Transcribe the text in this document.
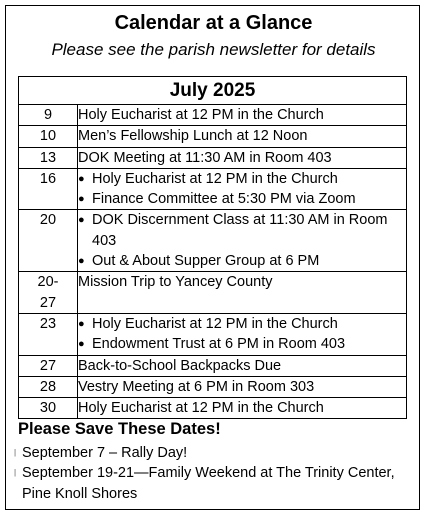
Calendar at a Glance
Please see the parish newsletter for details
July 2025	
9	Holy Eucharist at 12 PM in the Church

10	Men’s Fellowship Lunch at 12 Noon

13	DOK Meeting at 11:30 AM in Room 403

16	● Holy Eucharist at 12 PM in the Church
● Finance Committee at 5:30 PM via Zoom

20	● DOK Discernment Class at 11:30 AM in Room 403
● Out & About Supper Group at 6 PM

20-
27	Mission Trip to Yancey County

23	● Holy Eucharist at 12 PM in the Church
● Endowment Trust at 6 PM in Room 403

27	Back-to-School Backpacks Due

28	Vestry Meeting at 6 PM in Room 303

30	Holy Eucharist at 12 PM in the Church
Please Save These Dates!
| September 7 – Rally Day!
| September 19-21—Family Weekend at The Trinity Center, Pine Knoll Shores
